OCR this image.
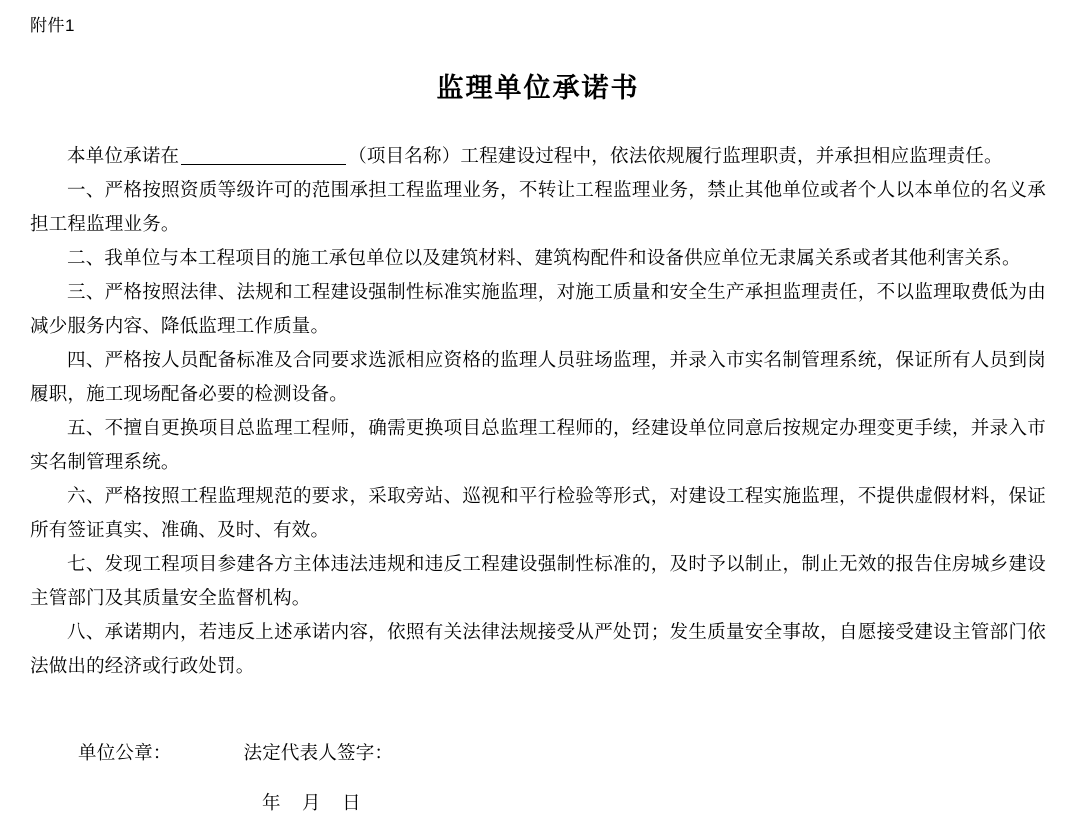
附件1
监理单位承诺书

本单位承诺在	（项目名称）工程建设过程中，依法依规履行监理职责，并承担相应监理责任。

一、严格按照资质等级许可的范围承担工程监理业务，不转让工程监理业务，禁止其他单位或者个人以本单位的名义承担工程监理业务。

二、我单位与本工程项目的施工承包单位以及建筑材料、建筑构配件和设备供应单位无隶属关系或者其他利害关系。

三、严格按照法律、法规和工程建设强制性标准实施监理，对施工质量和安全生产承担监理责任，不以监理取费低为由减少服务内容、降低监理工作质量。

四、严格按人员配备标准及合同要求选派相应资格的监理人员驻场监理，并录入市实名制管理系统，保证所有人员到岗履职，施工现场配备必要的检测设备。

五、不擅自更换项目总监理工程师，确需更换项目总监理工程师的，经建设单位同意后按规定办理变更手续，并录入市实名制管理系统。

六、严格按照工程监理规范的要求，采取旁站、巡视和平行检验等形式，对建设工程实施监理，不提供虚假材料，保证所有签证真实、准确、及时、有效。

七、发现工程项目参建各方主体违法违规和违反工程建设强制性标准的，及时予以制止，制止无效的报告住房城乡建设主管部门及其质量安全监督机构。

八、承诺期内，若违反上述承诺内容，依照有关法律法规接受从严处罚；发生质量安全事故，自愿接受建设主管部门依法做出的经济或行政处罚。

单位公章：	法定代表人签字：
年    月    日
